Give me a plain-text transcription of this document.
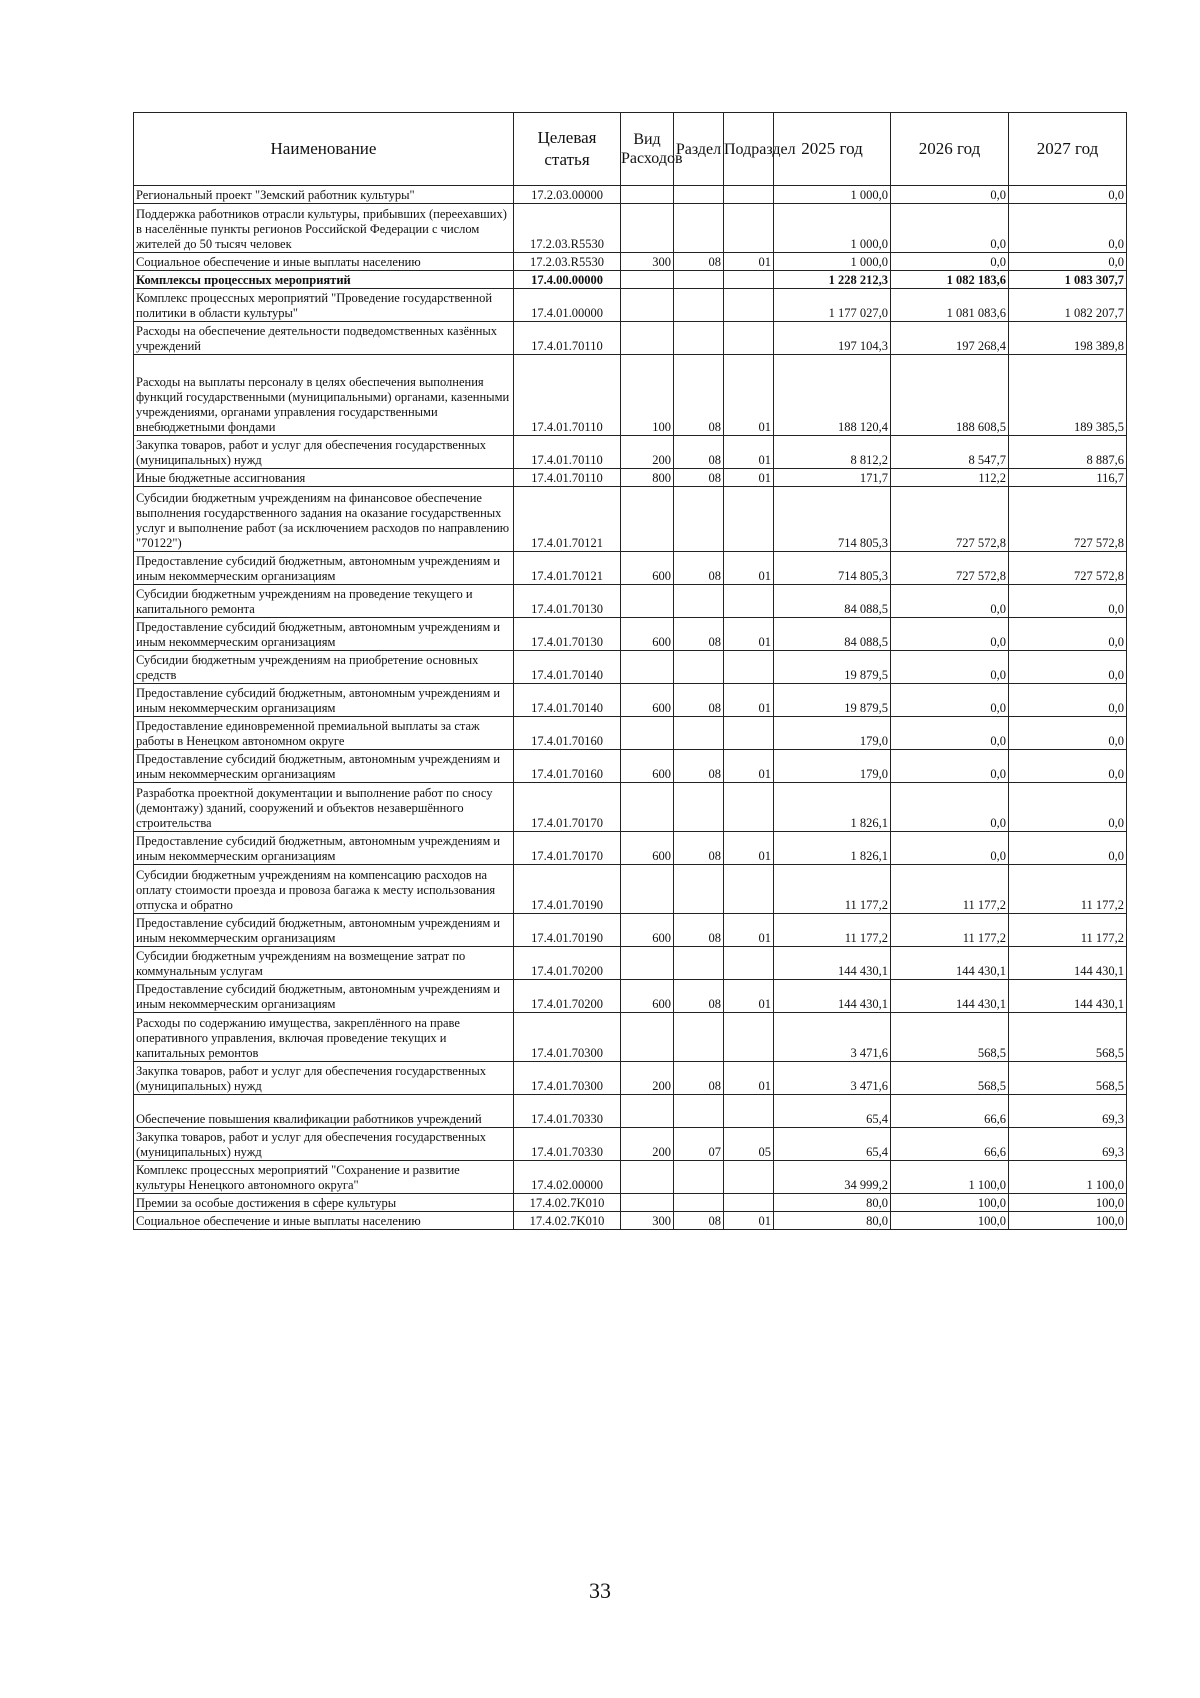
Наименование	Целевая статья	Вид Расходов	Раздел	Подраздел	2025 год	2026 год	2027 год
Региональный проект "Земский работник культуры"	17.2.03.00000				1 000,0	0,0	0,0
Поддержка работников отрасли культуры, прибывших (переехавших) в населённые пункты регионов Российской Федерации с числом жителей до 50 тысяч человек	17.2.03.R5530				1 000,0	0,0	0,0
Социальное обеспечение и иные выплаты населению	17.2.03.R5530	300	08	01	1 000,0	0,0	0,0
Комплексы процессных мероприятий	17.4.00.00000				1 228 212,3	1 082 183,6	1 083 307,7
Комплекс процессных мероприятий "Проведение государственной политики в области культуры"	17.4.01.00000				1 177 027,0	1 081 083,6	1 082 207,7
Расходы на обеспечение деятельности подведомственных казённых учреждений	17.4.01.70110				197 104,3	197 268,4	198 389,8
Расходы на выплаты персоналу в целях обеспечения выполнения функций государственными (муниципальными) органами, казенными учреждениями, органами управления государственными внебюджетными фондами	17.4.01.70110	100	08	01	188 120,4	188 608,5	189 385,5
Закупка товаров, работ и услуг для обеспечения государственных (муниципальных) нужд	17.4.01.70110	200	08	01	8 812,2	8 547,7	8 887,6
Иные бюджетные ассигнования	17.4.01.70110	800	08	01	171,7	112,2	116,7
Субсидии бюджетным учреждениям на финансовое обеспечение выполнения государственного задания на оказание государственных услуг и выполнение работ (за исключением расходов по направлению "70122")	17.4.01.70121				714 805,3	727 572,8	727 572,8
Предоставление субсидий бюджетным, автономным учреждениям и иным некоммерческим организациям	17.4.01.70121	600	08	01	714 805,3	727 572,8	727 572,8
Субсидии бюджетным учреждениям на проведение текущего и капитального ремонта	17.4.01.70130				84 088,5	0,0	0,0
Предоставление субсидий бюджетным, автономным учреждениям и иным некоммерческим организациям	17.4.01.70130	600	08	01	84 088,5	0,0	0,0
Субсидии бюджетным учреждениям на приобретение основных средств	17.4.01.70140				19 879,5	0,0	0,0
Предоставление субсидий бюджетным, автономным учреждениям и иным некоммерческим организациям	17.4.01.70140	600	08	01	19 879,5	0,0	0,0
Предоставление единовременной премиальной выплаты за стаж работы в Ненецком автономном округе	17.4.01.70160				179,0	0,0	0,0
Предоставление субсидий бюджетным, автономным учреждениям и иным некоммерческим организациям	17.4.01.70160	600	08	01	179,0	0,0	0,0
Разработка проектной документации и выполнение работ по сносу (демонтажу) зданий, сооружений и объектов незавершённого строительства	17.4.01.70170				1 826,1	0,0	0,0
Предоставление субсидий бюджетным, автономным учреждениям и иным некоммерческим организациям	17.4.01.70170	600	08	01	1 826,1	0,0	0,0
Субсидии бюджетным учреждениям на компенсацию расходов на оплату стоимости проезда и провоза багажа к месту использования отпуска и обратно	17.4.01.70190				11 177,2	11 177,2	11 177,2
Предоставление субсидий бюджетным, автономным учреждениям и иным некоммерческим организациям	17.4.01.70190	600	08	01	11 177,2	11 177,2	11 177,2
Субсидии бюджетным учреждениям на возмещение затрат по коммунальным услугам	17.4.01.70200				144 430,1	144 430,1	144 430,1
Предоставление субсидий бюджетным, автономным учреждениям и иным некоммерческим организациям	17.4.01.70200	600	08	01	144 430,1	144 430,1	144 430,1
Расходы по содержанию имущества, закреплённого на праве оперативного управления, включая проведение текущих и капитальных ремонтов	17.4.01.70300				3 471,6	568,5	568,5
Закупка товаров, работ и услуг для обеспечения государственных (муниципальных) нужд	17.4.01.70300	200	08	01	3 471,6	568,5	568,5
Обеспечение повышения квалификации работников учреждений	17.4.01.70330				65,4	66,6	69,3
Закупка товаров, работ и услуг для обеспечения государственных (муниципальных) нужд	17.4.01.70330	200	07	05	65,4	66,6	69,3
Комплекс процессных мероприятий "Сохранение и развитие культуры Ненецкого автономного округа"	17.4.02.00000				34 999,2	1 100,0	1 100,0
Премии за особые достижения в сфере культуры	17.4.02.7K010				80,0	100,0	100,0
Социальное обеспечение и иные выплаты населению	17.4.02.7K010	300	08	01	80,0	100,0	100,0
33
